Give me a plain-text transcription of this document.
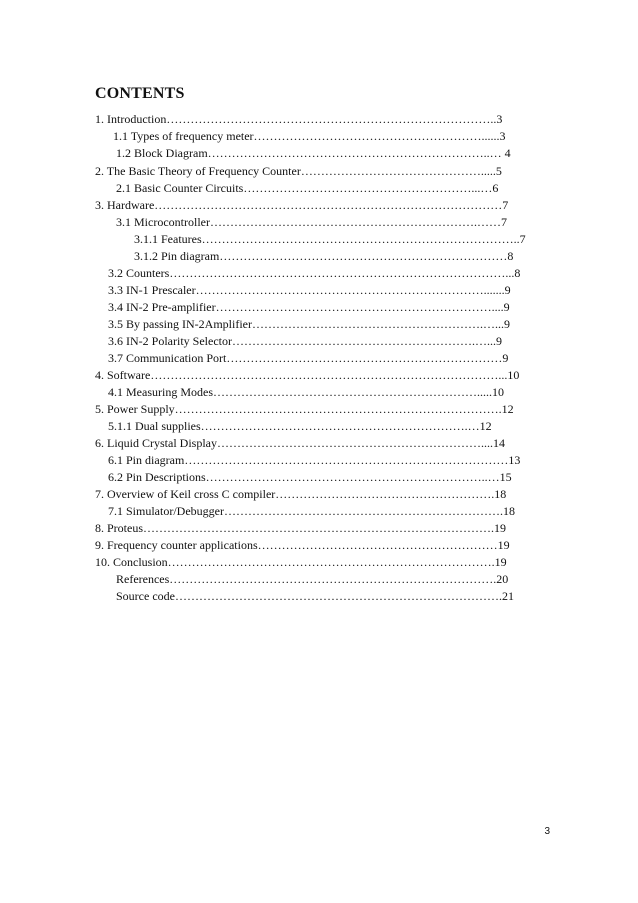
CONTENTS
1. Introduction………………………………………………………………………..3
1.1 Types of frequency meter…………………………………………………......3
1.2 Block Diagram……………………………………………………………..… 4
2. The Basic Theory of Frequency Counter……………………………………….....5
2.1 Basic Counter Circuits…………………………………………………...…6
3. Hardware……………………………………………………………………………7
3.1 Microcontroller………………………………………………………….……7
3.1.1 Features……………………………………………………………………..7
3.1.2 Pin diagram………………………………………………………………8
3.2 Counters…………………………………………………………………………...8
3.3 IN-1 Prescaler……………………………………………………………….......9
3.4 IN-2 Pre-amplifier……………………………………………………………....9
3.5 By passing IN-2Amplifier………………………………………………….…...9
3.6 IN-2 Polarity Selector…………………………………………………….…...9
3.7 Communication Port……………………………………………………………9
4. Software……………………………………………………………………………...10
4.1 Measuring Modes………………………………………………………….....10
5. Power Supply……………………………………………………………………….12
5.1.1 Dual supplies………………………………………………………….…12
6. Liquid Crystal Display…………………………………………………………....14
6.1 Pin diagram………………………………………………………………………13
6.2 Pin Descriptions……………………………………………………………..…15
7. Overview of Keil cross C compiler……………………………………………….18
7.1 Simulator/Debugger…………………………………………………………….18
8. Proteus…………………………………………………………………………….19
9. Frequency counter applications……………………………………………………19
10. Conclusion……………………………………………………………………….19
References……………………………………………………………………….20
Source code……………………………………………………………………….21
3
